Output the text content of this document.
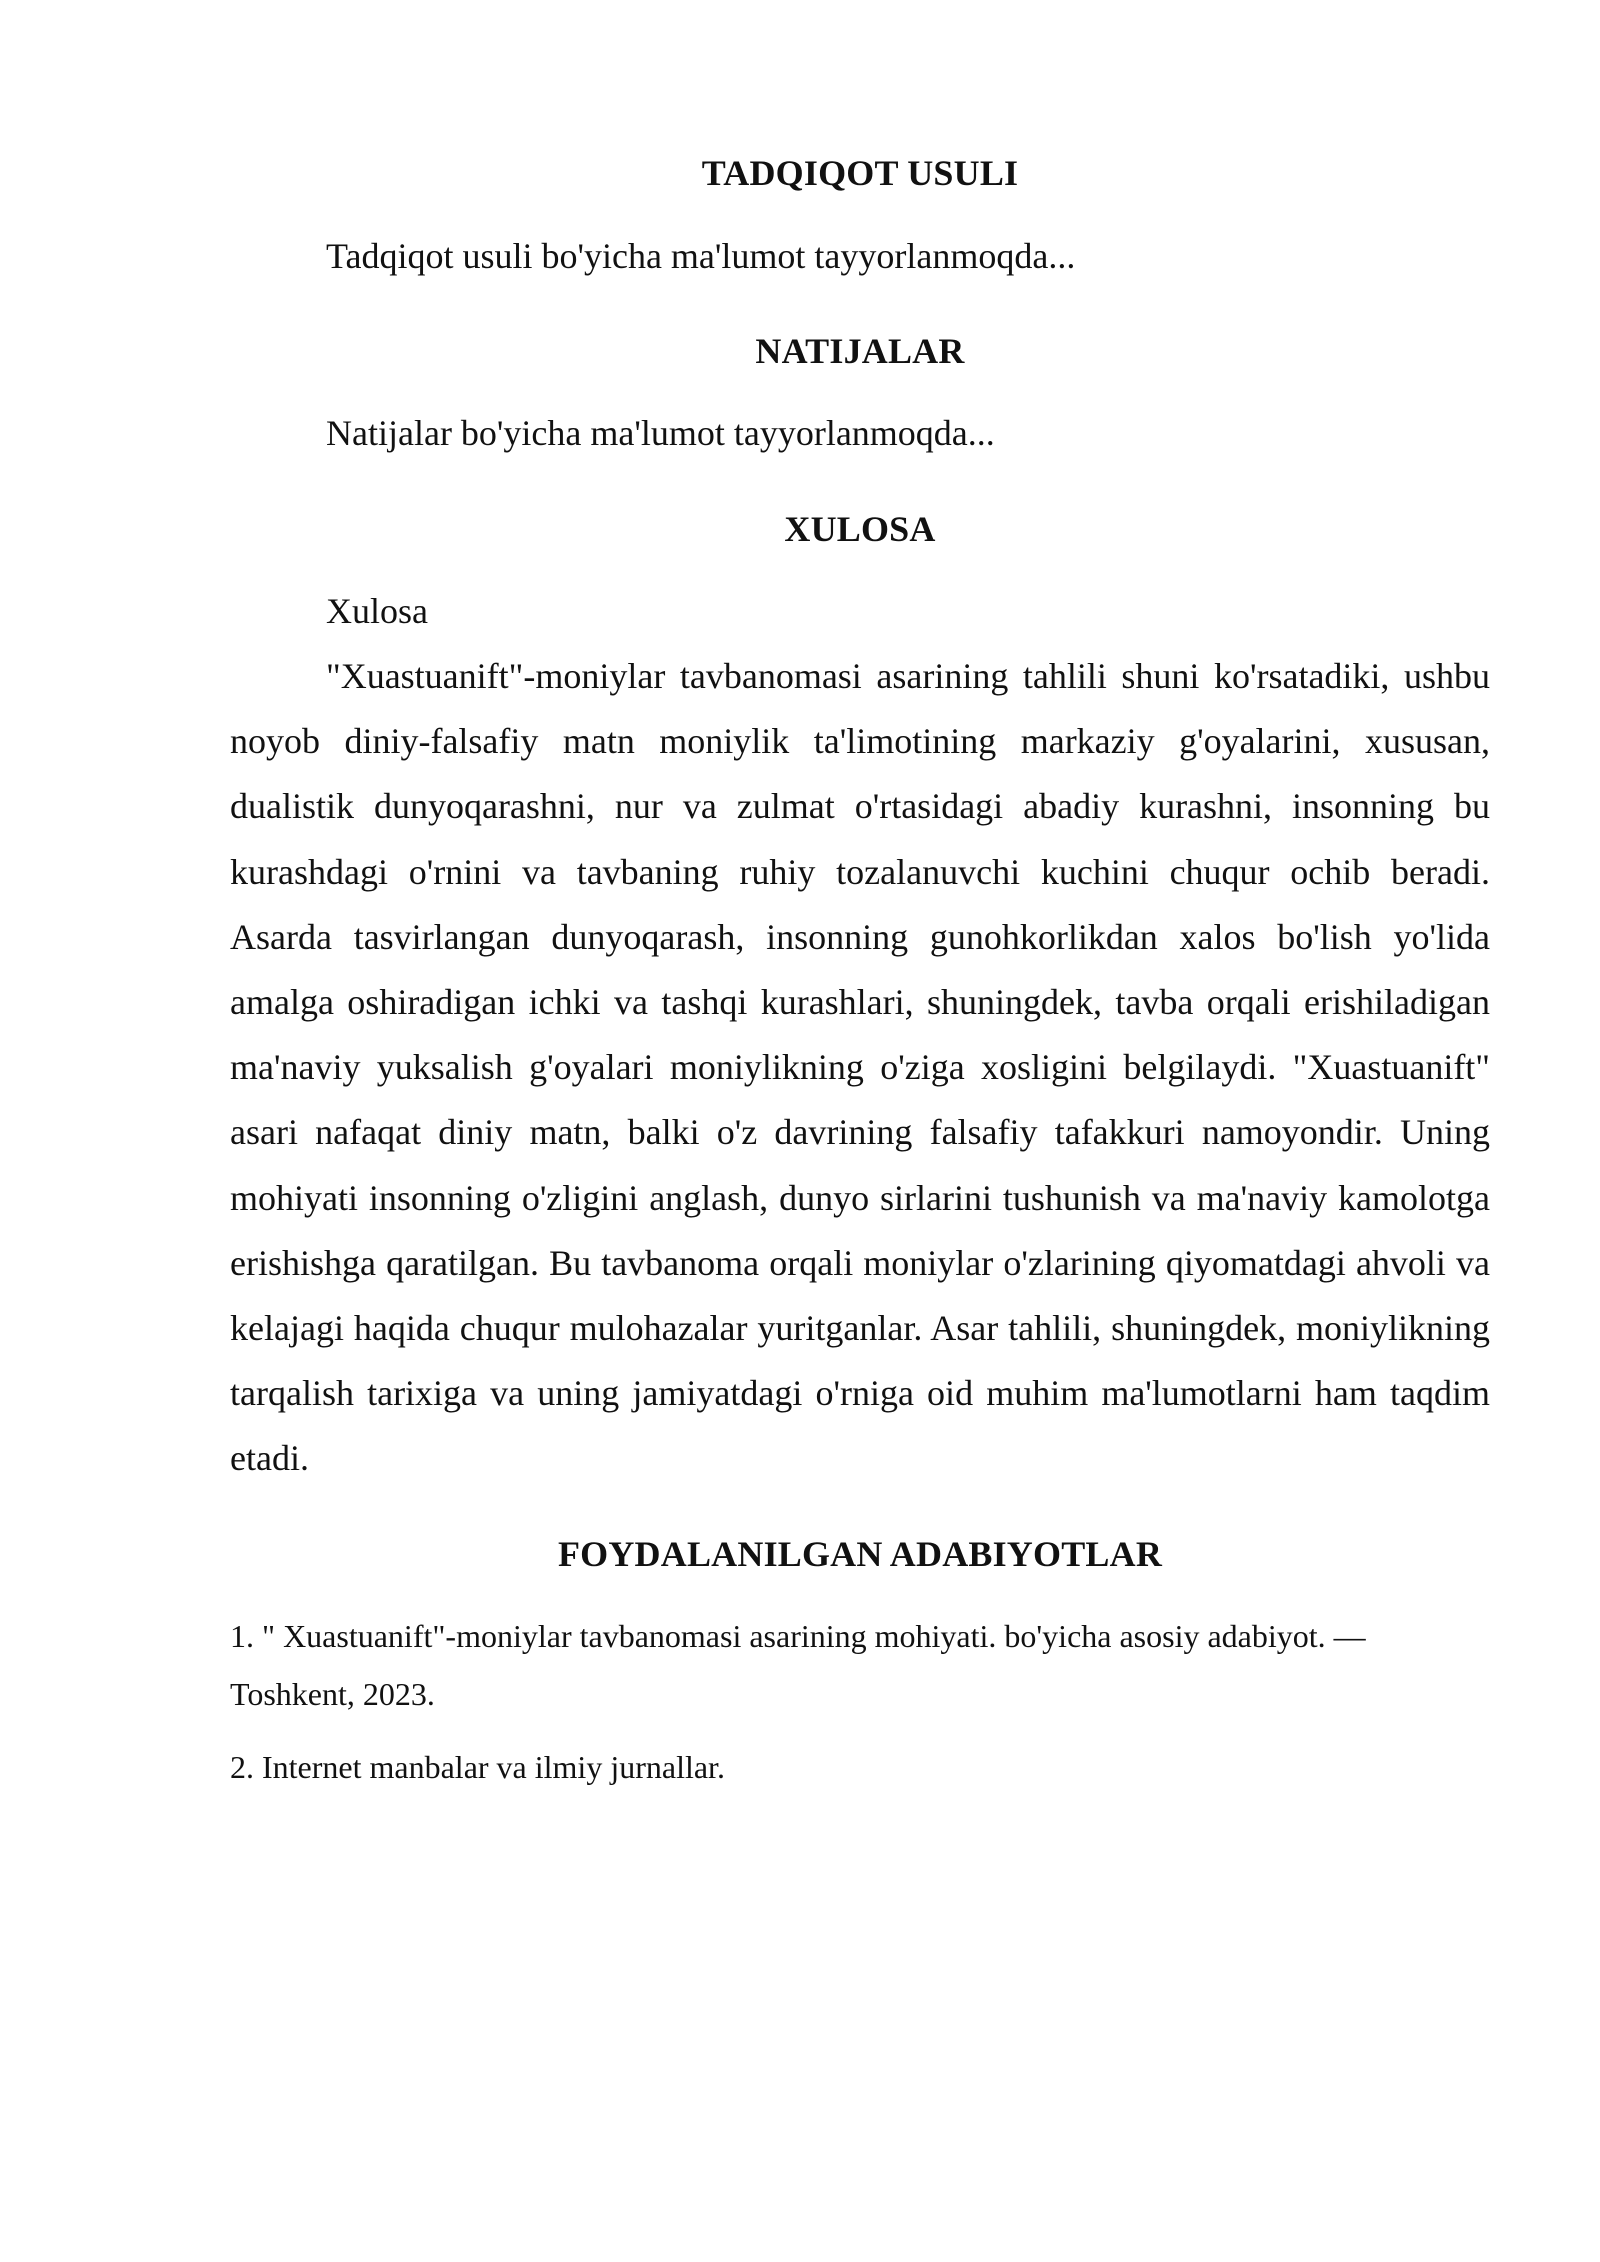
TADQIQOT USULI
Tadqiqot usuli bo'yicha ma'lumot tayyorlanmoqda...
NATIJALAR
Natijalar bo'yicha ma'lumot tayyorlanmoqda...
XULOSA
Xulosa
"Xuastuanift"-moniylar tavbanomasi asarining tahlili shuni ko'rsatadiki, ushbu noyob diniy-falsafiy matn moniylik ta'limotining markaziy g'oyalarini, xususan, dualistik dunyoqarashni, nur va zulmat o'rtasidagi abadiy kurashni, insonning bu kurashdagi o'rnini va tavbaning ruhiy tozalanuvchi kuchini chuqur ochib beradi. Asarda tasvirlangan dunyoqarash, insonning gunohkorlikdan xalos bo'lish yo'lida amalga oshiradigan ichki va tashqi kurashlari, shuningdek, tavba orqali erishiladigan ma'naviy yuksalish g'oyalari moniylikning o'ziga xosligini belgilaydi. "Xuastuanift" asari nafaqat diniy matn, balki o'z davrining falsafiy tafakkuri namoyondir. Uning mohiyati insonning o'zligini anglash, dunyo sirlarini tushunish va ma'naviy kamolotga erishishga qaratilgan. Bu tavbanoma orqali moniylar o'zlarining qiyomatdagi ahvoli va kelajagi haqida chuqur mulohazalar yuritganlar. Asar tahlili, shuningdek, moniylikning tarqalish tarixiga va uning jamiyatdagi o'rniga oid muhim ma'lumotlarni ham taqdim etadi.
FOYDALANILGAN ADABIYOTLAR
1. " Xuastuanift"-moniylar tavbanomasi asarining mohiyati. bo'yicha asosiy adabiyot. — Toshkent, 2023.
2. Internet manbalar va ilmiy jurnallar.
